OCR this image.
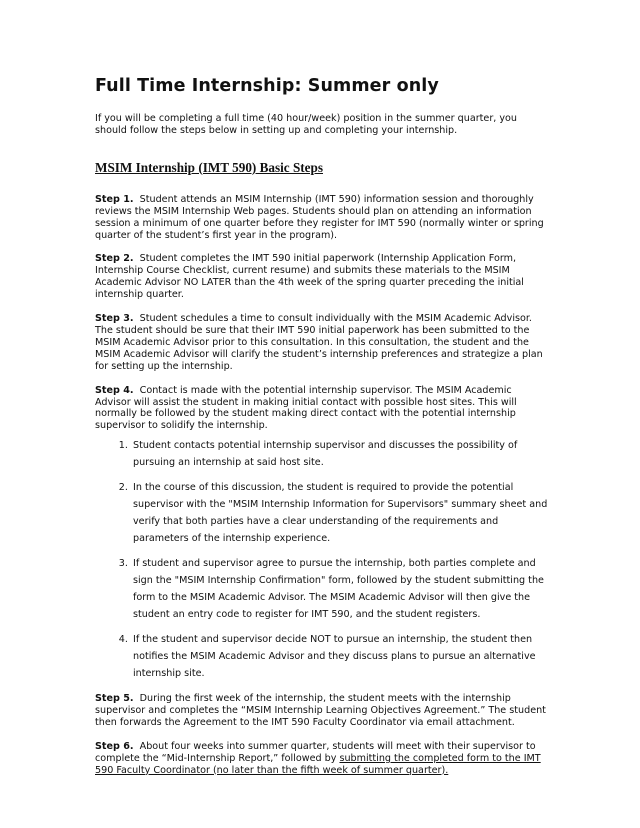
Full Time Internship: Summer only

If you will be completing a full time (40 hour/week) position in the summer quarter, you should follow the steps below in setting up and completing your internship.

MSIM Internship (IMT 590) Basic Steps

Step 1. Student attends an MSIM Internship (IMT 590) information session and thoroughly reviews the MSIM Internship Web pages. Students should plan on attending an information session a minimum of one quarter before they register for IMT 590 (normally winter or spring quarter of the student’s first year in the program).

Step 2. Student completes the IMT 590 initial paperwork (Internship Application Form, Internship Course Checklist, current resume) and submits these materials to the MSIM Academic Advisor NO LATER than the 4th week of the spring quarter preceding the initial internship quarter.

Step 3. Student schedules a time to consult individually with the MSIM Academic Advisor. The student should be sure that their IMT 590 initial paperwork has been submitted to the MSIM Academic Advisor prior to this consultation. In this consultation, the student and the MSIM Academic Advisor will clarify the student’s internship preferences and strategize a plan for setting up the internship.

Step 4. Contact is made with the potential internship supervisor. The MSIM Academic Advisor will assist the student in making initial contact with possible host sites. This will normally be followed by the student making direct contact with the potential internship supervisor to solidify the internship.

1. Student contacts potential internship supervisor and discusses the possibility of pursuing an internship at said host site.
2. In the course of this discussion, the student is required to provide the potential supervisor with the "MSIM Internship Information for Supervisors" summary sheet and verify that both parties have a clear understanding of the requirements and parameters of the internship experience.
3. If student and supervisor agree to pursue the internship, both parties complete and sign the "MSIM Internship Confirmation" form, followed by the student submitting the form to the MSIM Academic Advisor. The MSIM Academic Advisor will then give the student an entry code to register for IMT 590, and the student registers.
4. If the student and supervisor decide NOT to pursue an internship, the student then notifies the MSIM Academic Advisor and they discuss plans to pursue an alternative internship site.

Step 5. During the first week of the internship, the student meets with the internship supervisor and completes the “MSIM Internship Learning Objectives Agreement.” The student then forwards the Agreement to the IMT 590 Faculty Coordinator via email attachment.

Step 6. About four weeks into summer quarter, students will meet with their supervisor to complete the “Mid-Internship Report,” followed by submitting the completed form to the IMT 590 Faculty Coordinator (no later than the fifth week of summer quarter).
